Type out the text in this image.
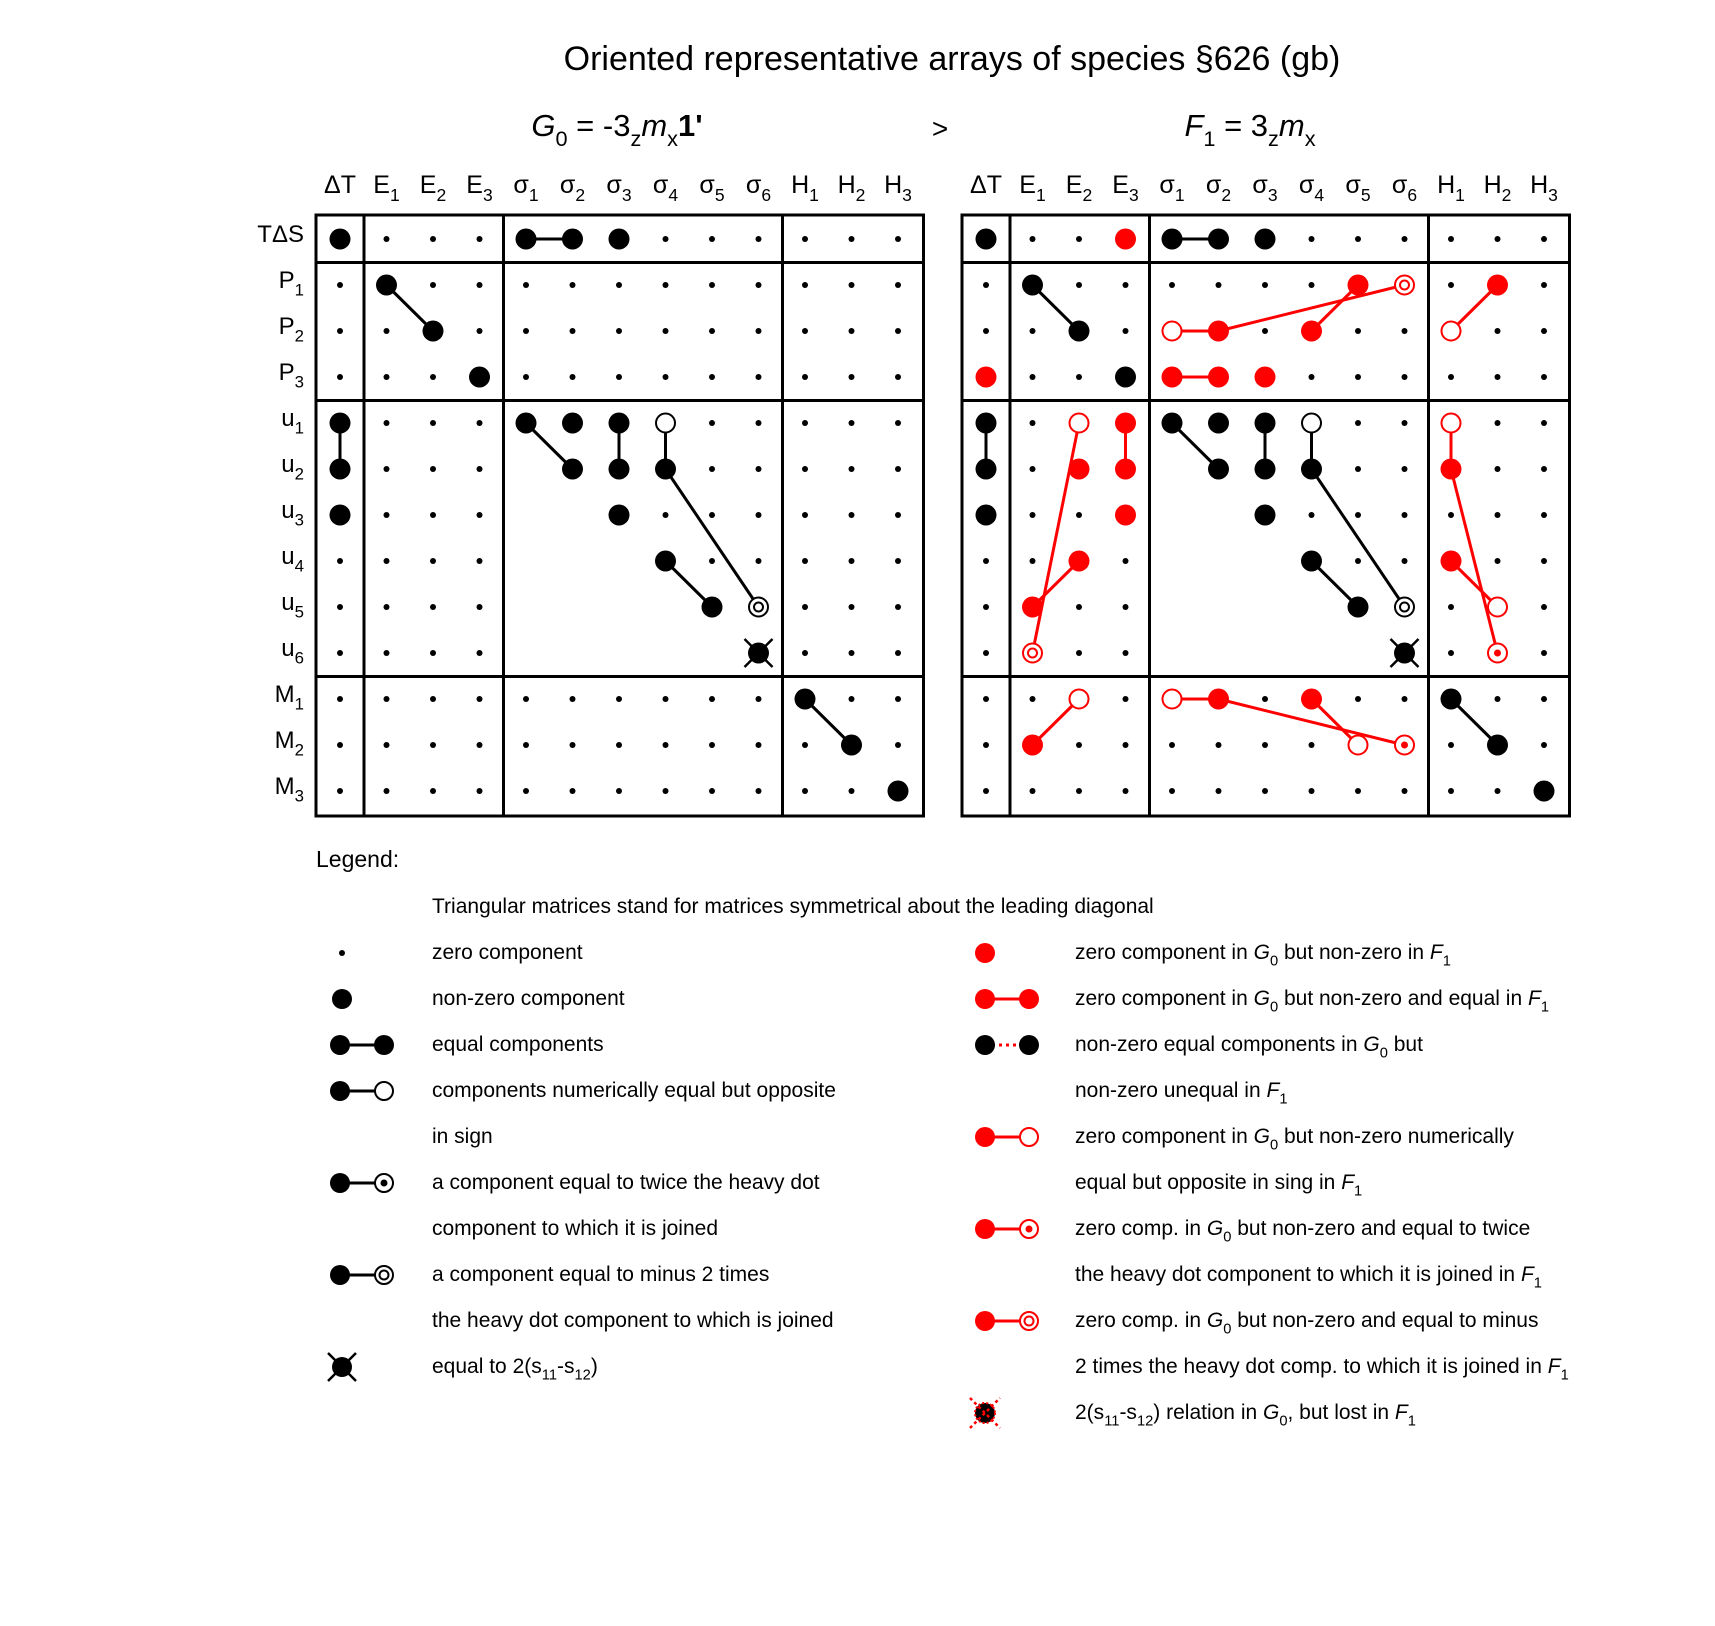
Oriented representative arrays of species §626 (gb)
$G_0 = -3_zm_x1'$	>	$F_1 = 3_zm_x$
ΔT $E_1$ $E_2$ $E_3$ $\sigma_1$ $\sigma_2$ $\sigma_3$ $\sigma_4$ $\sigma_5$ $\sigma_6$ $H_1$ $H_2$ $H_3$
TΔS
$P_1$
$P_2$
$P_3$
$u_1$
$u_2$
$u_3$
$u_4$
$u_5$
$u_6$
$M_1$
$M_2$
$M_3$
ΔT $E_1$ $E_2$ $E_3$ $\sigma_1$ $\sigma_2$ $\sigma_3$ $\sigma_4$ $\sigma_5$ $\sigma_6$ $H_1$ $H_2$ $H_3$
Legend:
Triangular matrices stand for matrices symmetrical about the leading diagonal
zero component
non-zero component
equal components
components numerically equal but opposite
in sign
a component equal to twice the heavy dot
component to which it is joined
a component equal to minus 2 times
the heavy dot component to which is joined
equal to $2(s_{11}-s_{12})$
zero component in $G_0$ but non-zero in $F_1$
zero component in $G_0$ but non-zero and equal in $F_1$
non-zero equal components in $G_0$ but
non-zero unequal in $F_1$
zero component in $G_0$ but non-zero numerically
equal but opposite in sing in $F_1$
zero comp. in $G_0$ but non-zero and equal to twice
the heavy dot component to which it is joined in $F_1$
zero comp. in $G_0$ but non-zero and equal to minus
2 times the heavy dot comp. to which it is joined in $F_1$
$2(s_{11}-s_{12})$ relation in $G_0$, but lost in $F_1$
